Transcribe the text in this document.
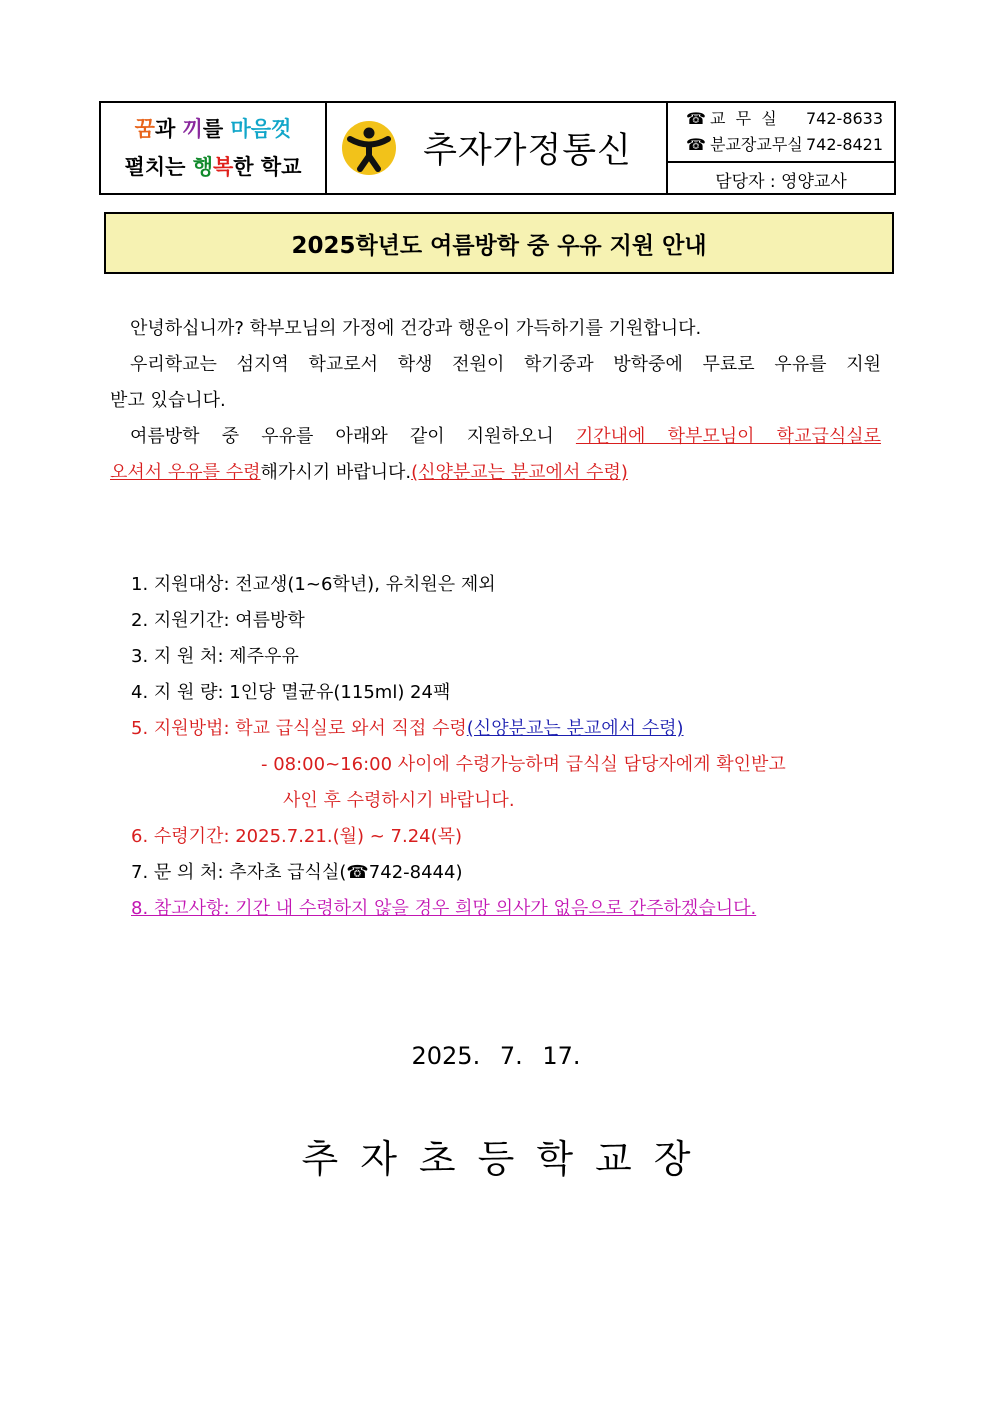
꿈과 끼를 마음껏
펼치는 행복한 학교	추자가정통신
☎ 교  무  실	742-8633
☎ 분교장교무실 742-8421
담당자 : 영양교사
2025학년도 여름방학 중 우유 지원 안내
안녕하십니까? 학부모님의 가정에 건강과 행운이 가득하기를 기원합니다.
우리학교는 섬지역 학교로서 학생 전원이 학기중과 방학중에 무료로 우유를 지원
받고 있습니다.
여름방학 중 우유를 아래와 같이 지원하오니 기간내에 학부모님이 학교급식실로
오셔서 우유를 수령해가시기 바랍니다.(신양분교는 분교에서 수령)
1. 지원대상: 전교생(1~6학년), 유치원은 제외
2. 지원기간: 여름방학
3. 지 원 처: 제주우유
4. 지 원 량: 1인당 멸균유(115ml) 24팩
5. 지원방법: 학교 급식실로 와서 직접 수령(신양분교는 분교에서 수령)
- 08:00~16:00 사이에 수령가능하며 급식실 담당자에게 확인받고
사인 후 수령하시기 바랍니다.
6. 수령기간: 2025.7.21.(월) ~ 7.24(목)
7. 문 의 처: 추자초 급식실(☎742-8444)
8. 참고사항: 기간 내 수령하지 않을 경우 희망 의사가 없음으로 간주하겠습니다.
2025. 7. 17.
추자초등학교장
